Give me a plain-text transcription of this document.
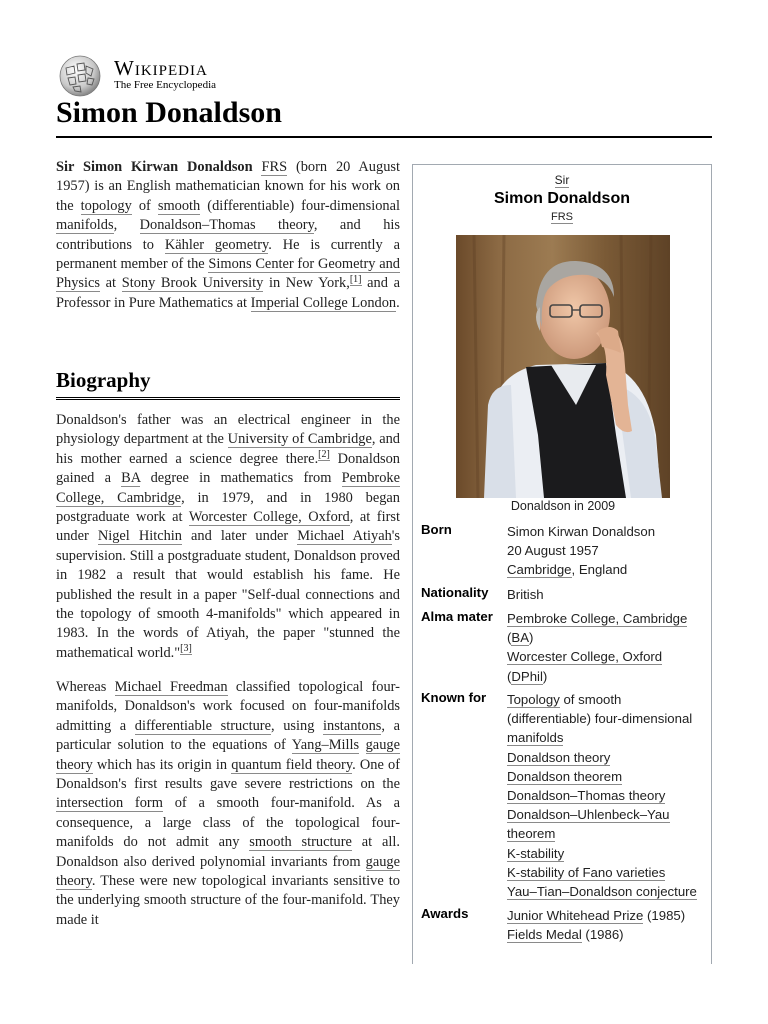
Wikipedia
The Free Encyclopedia
Simon Donaldson

Sir Simon Kirwan Donaldson FRS (born 20 August 1957) is an English mathematician known for his work on the topology of smooth (differentiable) four-dimensional manifolds, Donaldson–Thomas theory, and his contributions to Kähler geometry. He is currently a permanent member of the Simons Center for Geometry and Physics at Stony Brook University in New York,[1] and a Professor in Pure Mathematics at Imperial College London.

Biography

Donaldson's father was an electrical engineer in the physiology department at the University of Cambridge, and his mother earned a science degree there.[2] Donaldson gained a BA degree in mathematics from Pembroke College, Cambridge, in 1979, and in 1980 began postgraduate work at Worcester College, Oxford, at first under Nigel Hitchin and later under Michael Atiyah's supervision. Still a postgraduate student, Donaldson proved in 1982 a result that would establish his fame. He published the result in a paper "Self-dual connections and the topology of smooth 4-manifolds" which appeared in 1983. In the words of Atiyah, the paper "stunned the mathematical world."[3]

Whereas Michael Freedman classified topological four-manifolds, Donaldson's work focused on four-manifolds admitting a differentiable structure, using instantons, a particular solution to the equations of Yang–Mills gauge theory which has its origin in quantum field theory. One of Donaldson's first results gave severe restrictions on the intersection form of a smooth four-manifold. As a consequence, a large class of the topological four-manifolds do not admit any smooth structure at all. Donaldson also derived polynomial invariants from gauge theory. These were new topological invariants sensitive to the underlying smooth structure of the four-manifold. They made it

Sir
Simon Donaldson
FRS
Donaldson in 2009
Born	Simon Kirwan Donaldson
20 August 1957
Cambridge, England
Nationality	British
Alma mater	Pembroke College, Cambridge
(BA)
Worcester College, Oxford
(DPhil)
Known for	Topology of smooth
(differentiable) four-dimensional
manifolds
Donaldson theory
Donaldson theorem
Donaldson–Thomas theory
Donaldson–Uhlenbeck–Yau
theorem
K-stability
K-stability of Fano varieties
Yau–Tian–Donaldson conjecture
Awards	Junior Whitehead Prize (1985)
Fields Medal (1986)
